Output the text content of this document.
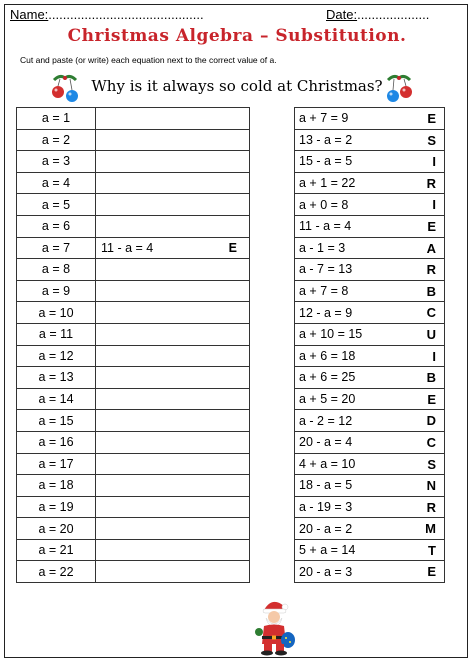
Name:...........................................	Date:....................
Christmas Algebra – Substitution.
Cut and paste (or write) each equation next to the correct value of a.
Why is it always so cold at Christmas?
a = 1	

a = 2	

a = 3	

a = 4	

a = 5	

a = 6	

a = 7	11 - a = 4 E

a = 8	

a = 9	

a = 10	

a = 11	

a = 12	

a = 13	

a = 14	

a = 15	

a = 16	

a = 17	

a = 18	

a = 19	

a = 20	

a = 21	

a = 22	
a + 7 = 9	E

13 - a = 2	S

15 - a = 5	I

a + 1 = 22	R

a + 0 = 8	I

11 - a = 4	E

a - 1 = 3	A

a - 7 = 13	R

a + 7 = 8	B

12 - a = 9	C

a + 10 = 15	U

a + 6 = 18	I

a + 6 = 25	B

a + 5 = 20	E

a - 2 = 12	D

20 - a = 4	C

4 + a = 10	S

18 - a = 5	N

a - 19 = 3	R

20 - a = 2	M

5 + a = 14	T

20 - a = 3	E
